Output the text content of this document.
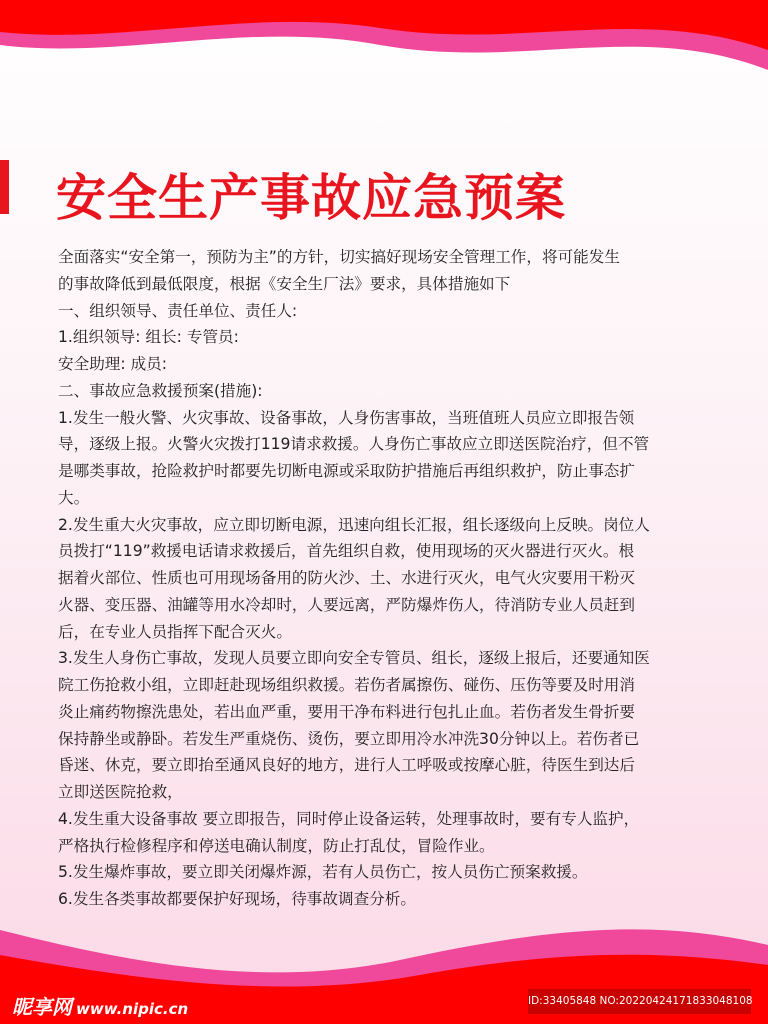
安全生产事故应急预案
全面落实“安全第一，预防为主”的方针，切实搞好现场安全管理工作，将可能发生
的事故降低到最低限度，根据《安全生厂法》要求，具体措施如下
一、组织领导、责任单位、责任人:
1.组织领导: 组长: 专管员:
安全助理: 成员:
二、事故应急救援预案(措施):
1.发生一般火警、火灾事故、设备事故，人身伤害事故，当班值班人员应立即报告领
导，逐级上报。火警火灾拨打119请求救援。人身伤亡事故应立即送医院治疗，但不管
是哪类事故，抢险救护时都要先切断电源或采取防护措施后再组织救护，防止事态扩
大。
2.发生重大火灾事故，应立即切断电源，迅速向组长汇报，组长逐级向上反映。岗位人
员拨打“119”救援电话请求救援后，首先组织自救，使用现场的灭火器进行灭火。根
据着火部位、性质也可用现场备用的防火沙、土、水进行灭火，电气火灾要用干粉灭
火器、变压器、油罐等用水冷却时，人要远离，严防爆炸伤人，待消防专业人员赶到
后，在专业人员指挥下配合灭火。
3.发生人身伤亡事故，发现人员要立即向安全专管员、组长，逐级上报后，还要通知医
院工伤抢救小组，立即赶赴现场组织救援。若伤者属擦伤、碰伤、压伤等要及时用消
炎止痛药物擦洗患处，若出血严重，要用干净布料进行包扎止血。若伤者发生骨折要
保持静坐或静卧。若发生严重烧伤、烫伤，要立即用冷水冲洗30分钟以上。若伤者已
昏迷、休克，要立即抬至通风良好的地方，进行人工呼吸或按摩心脏，待医生到达后
立即送医院抢救，
4.发生重大设备事故 要立即报告，同时停止设备运转，处理事故时，要有专人监护，
严格执行检修程序和停送电确认制度，防止打乱仗，冒险作业。
5.发生爆炸事故，要立即关闭爆炸源，若有人员伤亡，按人员伤亡预案救援。
6.发生各类事故都要保护好现场，待事故调查分析。
昵享网 www.nipic.cn	ID:33405848 NO:20220424171833048108
